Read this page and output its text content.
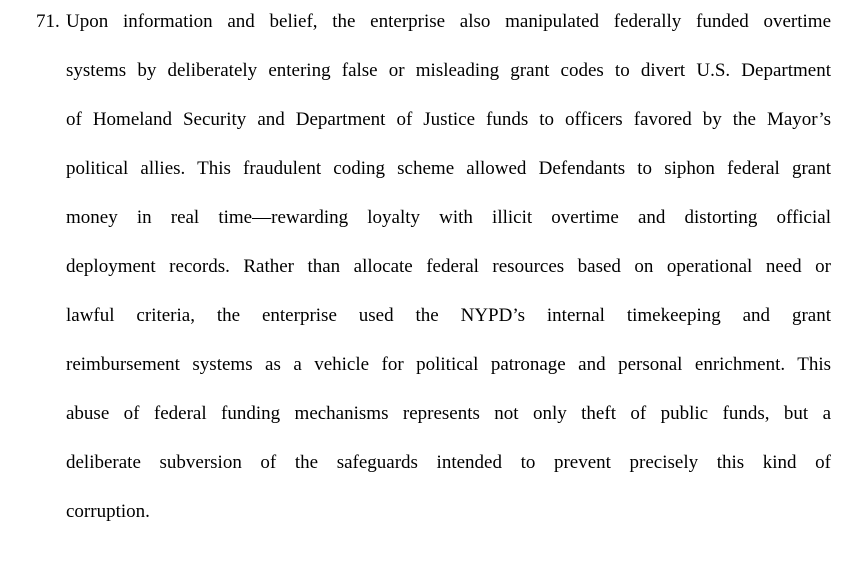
71. Upon information and belief, the enterprise also manipulated federally funded overtime
systems by deliberately entering false or misleading grant codes to divert U.S. Department
of Homeland Security and Department of Justice funds to officers favored by the Mayor’s
political allies. This fraudulent coding scheme allowed Defendants to siphon federal grant
money in real time—rewarding loyalty with illicit overtime and distorting official
deployment records. Rather than allocate federal resources based on operational need or
lawful criteria, the enterprise used the NYPD’s internal timekeeping and grant
reimbursement systems as a vehicle for political patronage and personal enrichment. This
abuse of federal funding mechanisms represents not only theft of public funds, but a
deliberate subversion of the safeguards intended to prevent precisely this kind of
corruption.
